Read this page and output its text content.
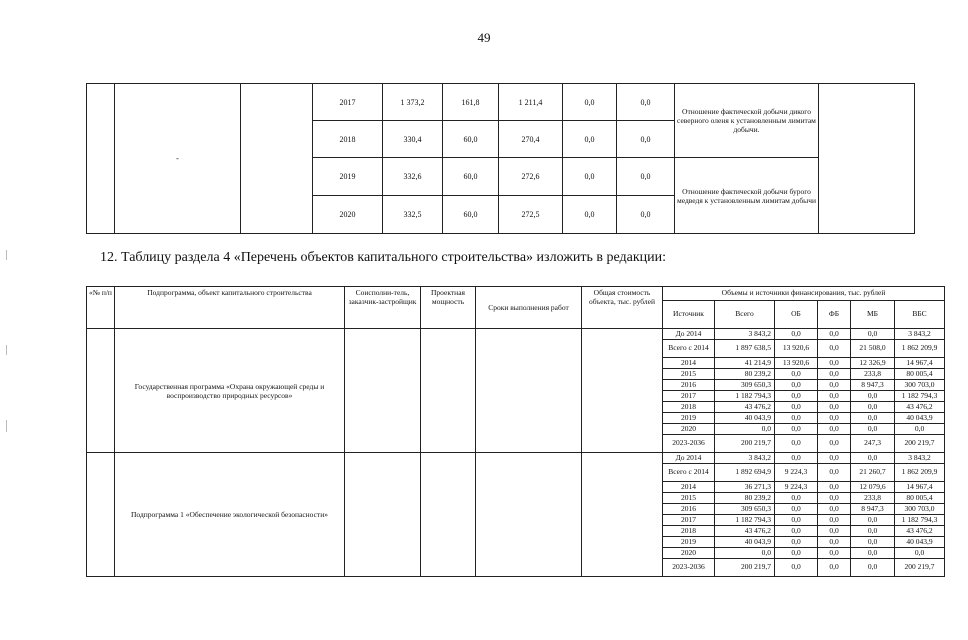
49
	-		2017	1 373,2	161,8	1 211,4	0,0	0,0	Отношение фактической добычи дикого северного оленя к установленным лимитам добычи.	
			2018	330,4	60,0	270,4	0,0	0,0		
			2019	332,6	60,0	272,6	0,0	0,0	Отношение фактической добычи бурого медведя к установленным лимитам добычи	
			2020	332,5	60,0	272,5	0,0	0,0		
12. Таблицу раздела 4 «Перечень объектов капитального строительства» изложить в редакции:
«№ п/п	Подпрограмма, объект капитального строительства	Соисполни-тель, заказчик-застройщик	Проектная мощность	Сроки выполнения работ	Общая стоимость объекта, тыс. рублей	Объемы и источники финансирования, тыс. рублей					
						Источник	Всего	ОБ	ФБ	МБ	ВБС

	Государственная программа «Охрана окружающей среды и воспроизводство природных ресурсов»					До 2014	3 843,2	0,0	0,0	0,0	3 843,2
						Всего с 2014	1 897 638,5	13 920,6	0,0	21 508,0	1 862 209,9
						2014	41 214,9	13 920,6	0,0	12 326,9	14 967,4
						2015	80 239,2	0,0	0,0	233,8	80 005,4
						2016	309 650,3	0,0	0,0	8 947,3	300 703,0
						2017	1 182 794,3	0,0	0,0	0,0	1 182 794,3
						2018	43 476,2	0,0	0,0	0,0	43 476,2
						2019	40 043,9	0,0	0,0	0,0	40 043,9
						2020	0,0	0,0	0,0	0,0	0,0
						2023-2036	200 219,7	0,0	0,0	247,3	200 219,7
	Подпрограмма 1 «Обеспечение экологической безопасности»					До 2014	3 843,2	0,0	0,0	0,0	3 843,2
						Всего с 2014	1 892 694,9	9 224,3	0,0	21 260,7	1 862 209,9
						2014	36 271,3	9 224,3	0,0	12 079,6	14 967,4
						2015	80 239,2	0,0	0,0	233,8	80 005,4
						2016	309 650,3	0,0	0,0	8 947,3	300 703,0
						2017	1 182 794,3	0,0	0,0	0,0	1 182 794,3
						2018	43 476,2	0,0	0,0	0,0	43 476,2
						2019	40 043,9	0,0	0,0	0,0	40 043,9
						2020	0,0	0,0	0,0	0,0	0,0
						2023-2036	200 219,7	0,0	0,0	0,0	200 219,7
